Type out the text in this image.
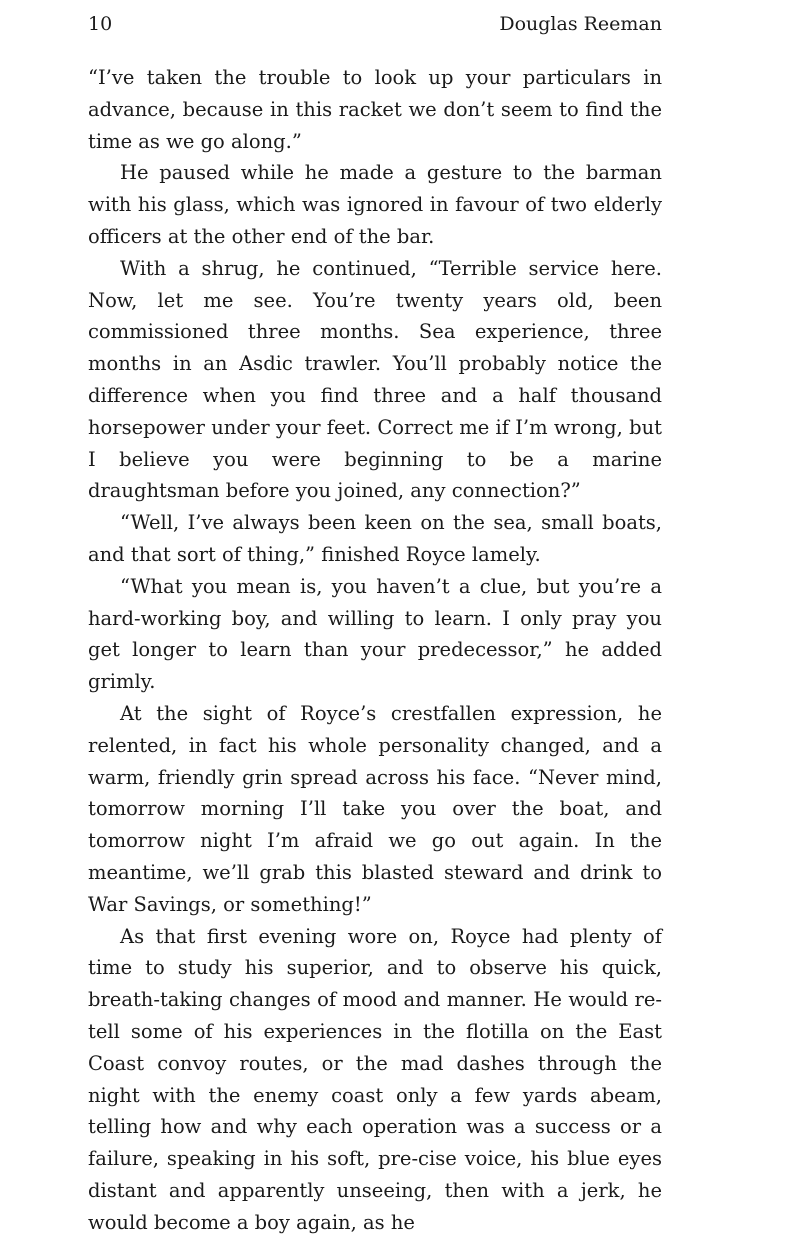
10	Douglas Reeman

“I’ve taken the trouble to look up your particulars in advance, because in this racket we don’t seem to find the time as we go along.”

He paused while he made a gesture to the barman with his glass, which was ignored in favour of two elderly officers at the other end of the bar.

With a shrug, he continued, “Terrible service here. Now, let me see. You’re twenty years old, been commissioned three months. Sea experience, three months in an Asdic trawler. You’ll probably notice the difference when you find three and a half thousand horsepower under your feet. Correct me if I’m wrong, but I believe you were beginning to be a marine draughtsman before you joined, any connection?”

“Well, I’ve always been keen on the sea, small boats, and that sort of thing,” finished Royce lamely.

“What you mean is, you haven’t a clue, but you’re a hard-working boy, and willing to learn. I only pray you get longer to learn than your predecessor,” he added grimly.

At the sight of Royce’s crestfallen expression, he relented, in fact his whole personality changed, and a warm, friendly grin spread across his face. “Never mind, tomorrow morning I’ll take you over the boat, and tomorrow night I’m afraid we go out again. In the meantime, we’ll grab this blasted steward and drink to War Savings, or something!”

As that first evening wore on, Royce had plenty of time to study his superior, and to observe his quick, breath-taking changes of mood and manner. He would re-tell some of his experiences in the flotilla on the East Coast convoy routes, or the mad dashes through the night with the enemy coast only a few yards abeam, telling how and why each operation was a success or a failure, speaking in his soft, pre-cise voice, his blue eyes distant and apparently unseeing, then with a jerk, he would become a boy again, as he
